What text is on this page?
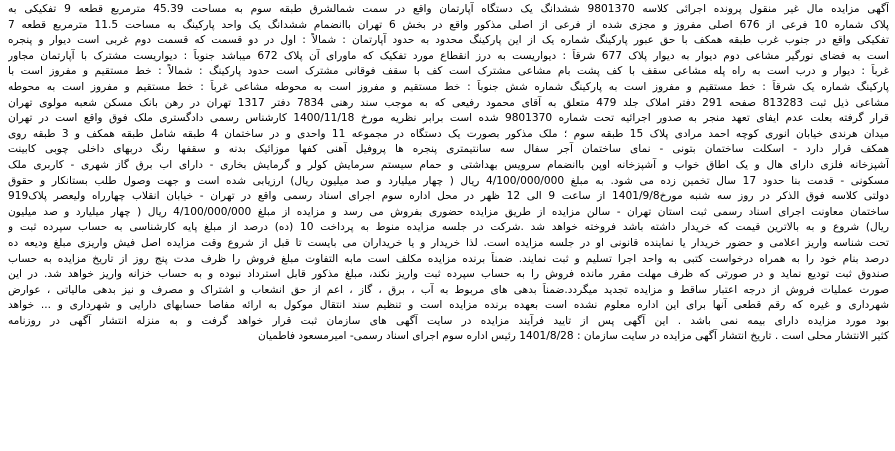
آگهی مزایده مال غیر منقول پرونده اجرائی کلاسه 9801370 ششدانگ یک دستگاه آپارتمان واقع در سمت شمالشرق طبقه سوم به مساحت 45.39 مترمربع قطعه 9 تفکیکی به
پلاک شماره 10 فرعی از 676 اصلی مفروز و مجزی شده از فرعی از اصلی مذکور واقع در بخش 6 تهران باانضمام ششدانگ یک واحد پارکینگ به مساحت 11.5 مترمربع قطعه 7
تفکیکی واقع در جنوب غرب طبقه همکف با حق عبور پارکینگ شماره یک از این پارکینگ محدود به حدود آپارتمان : شمالاً : اول در دو قسمت که قسمت دوم غربی است دیوار و پنجره
است به فضای نورگیر مشاعی دوم دیوار به دیوار پلاک 677 شرقاً : دیواریست به درز انقطاع مورد تفکیک که ماورای آن پلاک 672 میباشد جنوباً : دیواریست مشترک با آپارتمان مجاور
غرباً : دیوار و درب است به راه پله مشاعی سقف با کف پشت بام مشاعی مشترک است کف با سقف فوقانی مشترک است حدود پارکینگ : شمالاً : خط مستقیم و مفروز است با
پارکینگ شماره یک شرقاً : خط مستقیم و مفروز است به پارکینگ شماره شش جنوباً : خط مستقیم و مفروز است به محوطه مشاعی غرباً : خط مستقیم و مفروز است به محوطه
مشاعی ذیل ثبت 813283 صفحه 291 دفتر املاک جلد 479 متعلق به آقای محمود رفیعی که به موجب سند رهنی 7834 دفتر 1317 تهران در رهن بانک مسکن شعبه مولوی تهران
قرار گرفته بعلت عدم ایفای تعهد منجر به صدور اجرائیه تحت شماره 9801370 شده است برابر نظریه مورخ 1400/11/18 کارشناس رسمی دادگستری ملک فوق واقع است در تهران
میدان هرندی خیابان انوری کوچه احمد مرادی پلاک 15 طبقه سوم ؛ ملک مذکور بصورت یک دستگاه در مجموعه 11 واحدی و در ساختمان 4 طبقه شامل طبقه همکف و 3 طبقه روی
همکف قرار دارد - اسکلت ساختمان بتونی - نمای ساختمان آجر سفال سه سانتیمتری پنجره ها پروفیل آهنی کفها موزائیک بدنه و سقفها رنگ دربهای داخلی چوبی کابینت
آشپزخانه فلزی دارای هال و یک اطاق خواب و آشپزخانه اوپن باانضمام سرویس بهداشتی و حمام سیستم سرمایش کولر و گرمایش بخاری - دارای اب برق گاز شهری - کاربری ملک
مسکونی - قدمت بنا حدود 17 سال تخمین زده می شود. به مبلغ 4/100/000/000 ریال ( چهار میلیارد و صد میلیون ریال) ارزیابی شده است و جهت وصول طلب بستانکار و حقوق
دولتی کلاسه فوق الذکر در روز سه شنبه مورخ1401/9/8 از ساعت 9 الی 12 ظهر در محل اداره سوم اجرای اسناد رسمی واقع در تهران - خیابان انقلاب چهارراه ولیعصر پلاک919
ساختمان معاونت اجرای اسناد رسمی ثبت استان تهران - سالن مزایده از طریق مزایده حضوری بفروش می رسد و مزایده از مبلغ 4/100/000/000 ریال ( چهار میلیارد و صد میلیون
ریال) شروع و به بالاترین قیمت که خریدار داشته باشد فروخته خواهد شد .شرکت در جلسه مزایده منوط به پرداخت 10 (ده) درصد از مبلغ پایه کارشناسی به حساب سپرده ثبت و
تحت شناسه واریز اعلامی و حضور خریدار یا نماینده قانونی او در جلسه مزایده است. لذا خریدار و یا خریداران می بایست تا قبل از شروع وقت مزایده اصل فیش واریزی مبلغ ودیعه ده
درصد بنام خود را به همراه درخواست کتبی به واحد اجرا تسلیم و ثبت نمایند. ضمناً برنده مزایده مکلف است مابه التفاوت مبلغ فروش را ظرف مدت پنج روز از تاریخ مزایده به حساب
صندوق ثبت تودیع نماید و در صورتی که ظرف مهلت مقرر مانده فروش را به حساب سپرده ثبت واریز نکند، مبلغ مذکور قابل استرداد نبوده و به حساب خزانه واریز خواهد شد. در این
صورت عملیات فروش از درجه اعتبار ساقط و مزایده تجدید میگردد.ضمناً بدهی های مربوط به آب ، برق ، گاز ، اعم از حق انشعاب و اشتراک و مصرف و نیز بدهی مالیاتی ، عوارض
شهرداری و غیره که رقم قطعی آنها برای این اداره معلوم نشده است بعهده برنده مزایده است و تنظیم سند انتقال موکول به ارائه مفاصا حسابهای دارایی و شهرداری و ... خواهد
بود مورد مزایده دارای بیمه نمی باشد . این آگهی پس از تایید فرآیند مزایده در سایت آگهی های سازمان ثبت قرار خواهد گرفت و به منزله انتشار آگهی در روزنامه
کثیر الانتشار محلی است . تاریخ انتشار آگهی مزایده در سایت سازمان : 1401/8/28 رئیس اداره سوم اجرای اسناد رسمی- امیرمسعود فاطمیان
